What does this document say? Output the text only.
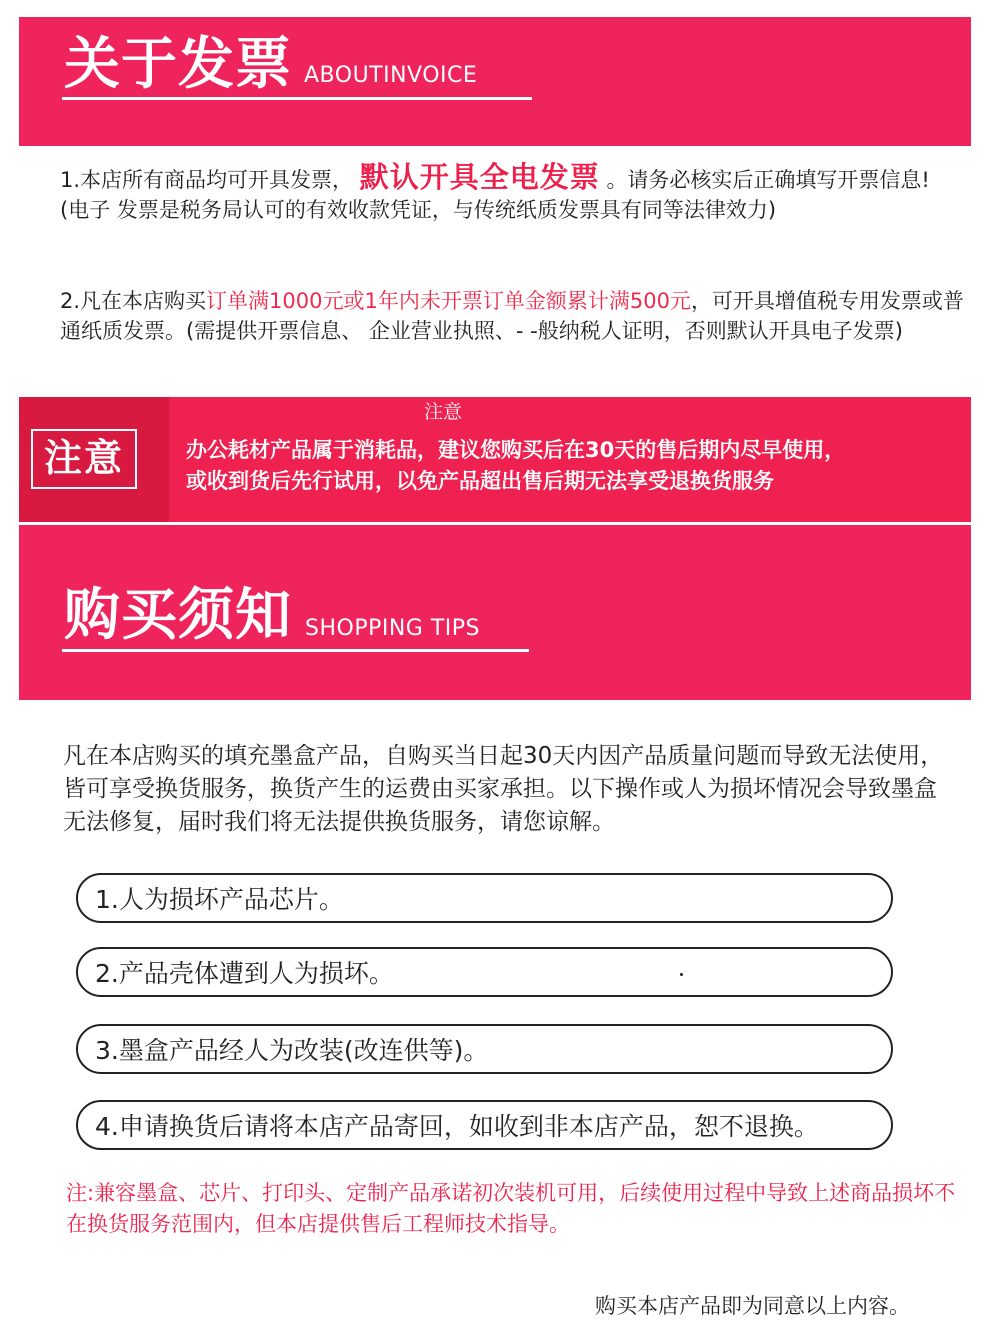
关于发票 ABOUTINVOICE
1.本店所有商品均可开具发票， 默认开具全电发票 。请务必核实后正确填写开票信息! (电子 发票是税务局认可的有效收款凭证，与传统纸质发票具有同等法律效力)
2.凡在本店购买订单满1000元或1年内未开票订单金额累计满500元，可开具增值税专用发票或普通纸质发票。(需提供开票信息、 企业营业执照、- -般纳税人证明，否则默认开具电子发票)
注意
注意
办公耗材产品属于消耗品，建议您购买后在30天的售后期内尽早使用，
或收到货后先行试用，以免产品超出售后期无法享受退换货服务
购买须知 SHOPPING TIPS
凡在本店购买的填充墨盒产品，自购买当日起30天内因产品质量问题而导致无法使用，皆可享受换货服务，换货产生的运费由买家承担。以下操作或人为损坏情况会导致墨盒无法修复，届时我们将无法提供换货服务，请您谅解。
1.人为损坏产品芯片。
2.产品壳体遭到人为损坏。
3.墨盒产品经人为改装(改连供等)。
4.申请换货后请将本店产品寄回，如收到非本店产品，恕不退换。
注:兼容墨盒、芯片、打印头、定制产品承诺初次装机可用，后续使用过程中导致上述商品损坏不在换货服务范围内，但本店提供售后工程师技术指导。
购买本店产品即为同意以上内容。
